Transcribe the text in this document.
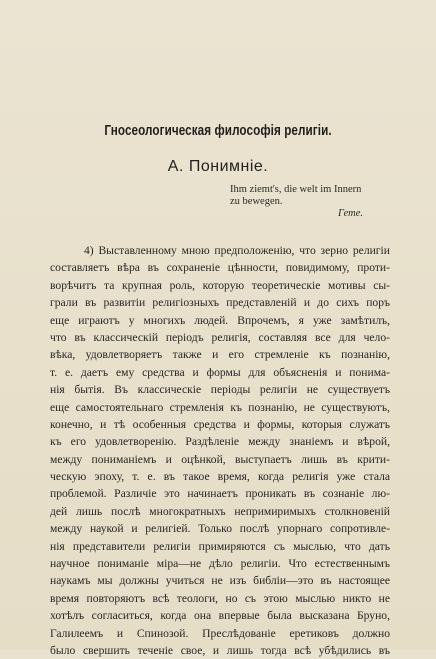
Гносеологическая философія религіи.
А. Понимніе.
Ihm ziemt's, die welt im Innern
zu bewegen.
Гете.
4) Выставленному мною предположенію, что зерно религіи
составляетъ вѣра въ сохраненіе цѣнности, повидимому, проти-
ворѣчитъ та крупная роль, которую теоретическіе мотивы сы-
грали въ развитіи религіозныхъ представленій и до сихъ поръ
еще играютъ у многихъ людей. Впрочемъ, я уже замѣтилъ,
что въ классическій періодъ религія, составляя все для чело-
вѣка, удовлетворяетъ также и его стремленіе къ познанію,
т. е. даетъ ему средства и формы для объясненія и понима-
нія бытія. Въ классическіе періоды религіи не существуетъ
еще самостоятельнаго стремленія къ познанію, не существуютъ,
конечно, и тѣ особенныя средства и формы, которыя служатъ
къ его удовлетворенію. Раздѣленіе между знаніемъ и вѣрой,
между пониманіемъ и оцѣнкой, выступаетъ лишь въ крити-
ческую эпоху, т. е. въ такое время, когда религія уже стала
проблемой. Различіе это начинаетъ проникать въ сознаніе лю-
дей лишь послѣ многократныхъ непримиримыхъ столкновеній
между наукой и религіей. Только послѣ упорнаго сопротивле-
нія представители религіи примиряются съ мыслью, что дать
научное пониманіе міра—не дѣло религіи. Что естественнымъ
наукамъ мы должны учиться не изъ библіи—это въ настоящее
время повторяютъ всѣ теологи, но съ этою мыслью никто не
хотѣлъ согласиться, когда она впервые была высказана Бруно,
Галилеемъ и Спинозой. Преслѣдованіе еретиковъ должно
было свершить теченіе свое, и лишь тогда всѣ убѣдились въ
